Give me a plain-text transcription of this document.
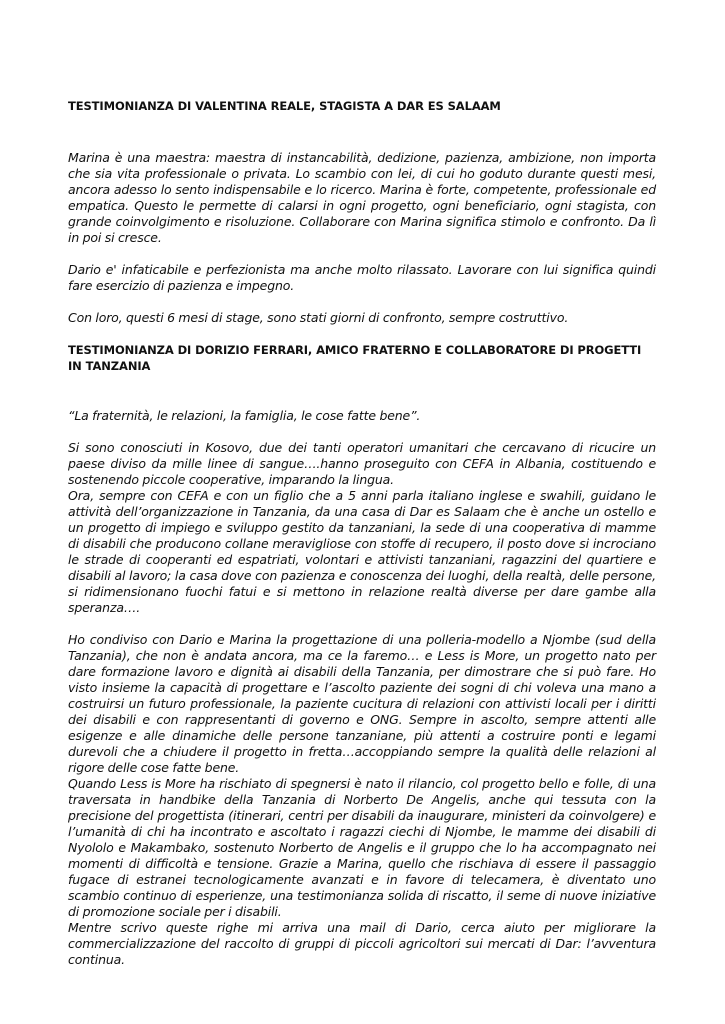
TESTIMONIANZA DI VALENTINA REALE, STAGISTA A DAR ES SALAAM

Marina è una maestra: maestra di instancabilità, dedizione, pazienza, ambizione, non importa che sia vita professionale o privata. Lo scambio con lei, di cui ho goduto durante questi mesi, ancora adesso lo sento indispensabile e lo ricerco. Marina è forte, competente, professionale ed empatica. Questo le permette di calarsi in ogni progetto, ogni beneficiario, ogni stagista, con grande coinvolgimento e risoluzione. Collaborare con Marina significa stimolo e confronto. Da lì in poi si cresce.

Dario e' infaticabile e perfezionista ma anche molto rilassato. Lavorare con lui significa quindi fare esercizio di pazienza e impegno.

Con loro, questi 6 mesi di stage, sono stati giorni di confronto, sempre costruttivo.

TESTIMONIANZA DI DORIZIO FERRARI, AMICO FRATERNO E COLLABORATORE DI PROGETTI IN TANZANIA

“La fraternità, le relazioni, la famiglia, le cose fatte bene”.

Si sono conosciuti in Kosovo, due dei tanti operatori umanitari che cercavano di ricucire un paese diviso da mille linee di sangue….hanno proseguito con CEFA in Albania, costituendo e sostenendo piccole cooperative, imparando la lingua.

Ora, sempre con CEFA e con un figlio che a 5 anni parla italiano inglese e swahili, guidano le attività dell’organizzazione in Tanzania, da una casa di Dar es Salaam che è anche un ostello e un progetto di impiego e sviluppo gestito da tanzaniani, la sede di una cooperativa di mamme di disabili che producono collane meravigliose con stoffe di recupero, il posto dove si incrociano le strade di cooperanti ed espatriati, volontari e attivisti tanzaniani, ragazzini del quartiere e disabili al lavoro; la casa dove con pazienza e conoscenza dei luoghi, della realtà, delle persone, si ridimensionano fuochi fatui e si mettono in relazione realtà diverse per dare gambe alla speranza….

Ho condiviso con Dario e Marina la progettazione di una polleria-modello a Njombe (sud della Tanzania), che non è andata ancora, ma ce la faremo… e Less is More, un progetto nato per dare formazione lavoro e dignità ai disabili della Tanzania, per dimostrare che si può fare. Ho visto insieme la capacità di progettare e l’ascolto paziente dei sogni di chi voleva una mano a costruirsi un futuro professionale, la paziente cucitura di relazioni con attivisti locali per i diritti dei disabili e con rappresentanti di governo e ONG. Sempre in ascolto, sempre attenti alle esigenze e alle dinamiche delle persone tanzaniane, più attenti a costruire ponti e legami durevoli che a chiudere il progetto in fretta…accoppiando sempre la qualità delle relazioni al rigore delle cose fatte bene.

Quando Less is More ha rischiato di spegnersi è nato il rilancio, col progetto bello e folle, di una traversata in handbike della Tanzania di Norberto De Angelis, anche qui tessuta con la precisione del progettista (itinerari, centri per disabili da inaugurare, ministeri da coinvolgere) e l’umanità di chi ha incontrato e ascoltato i ragazzi ciechi di Njombe, le mamme dei disabili di Nyololo e Makambako, sostenuto Norberto de Angelis e il gruppo che lo ha accompagnato nei momenti di difficoltà e tensione. Grazie a Marina, quello che rischiava di essere il passaggio fugace di estranei tecnologicamente avanzati e in favore di telecamera, è diventato uno scambio continuo di esperienze, una testimonianza solida di riscatto, il seme di nuove iniziative di promozione sociale per i disabili.

Mentre scrivo queste righe mi arriva una mail di Dario, cerca aiuto per migliorare la commercializzazione del raccolto di gruppi di piccoli agricoltori sui mercati di Dar: l’avventura continua.
